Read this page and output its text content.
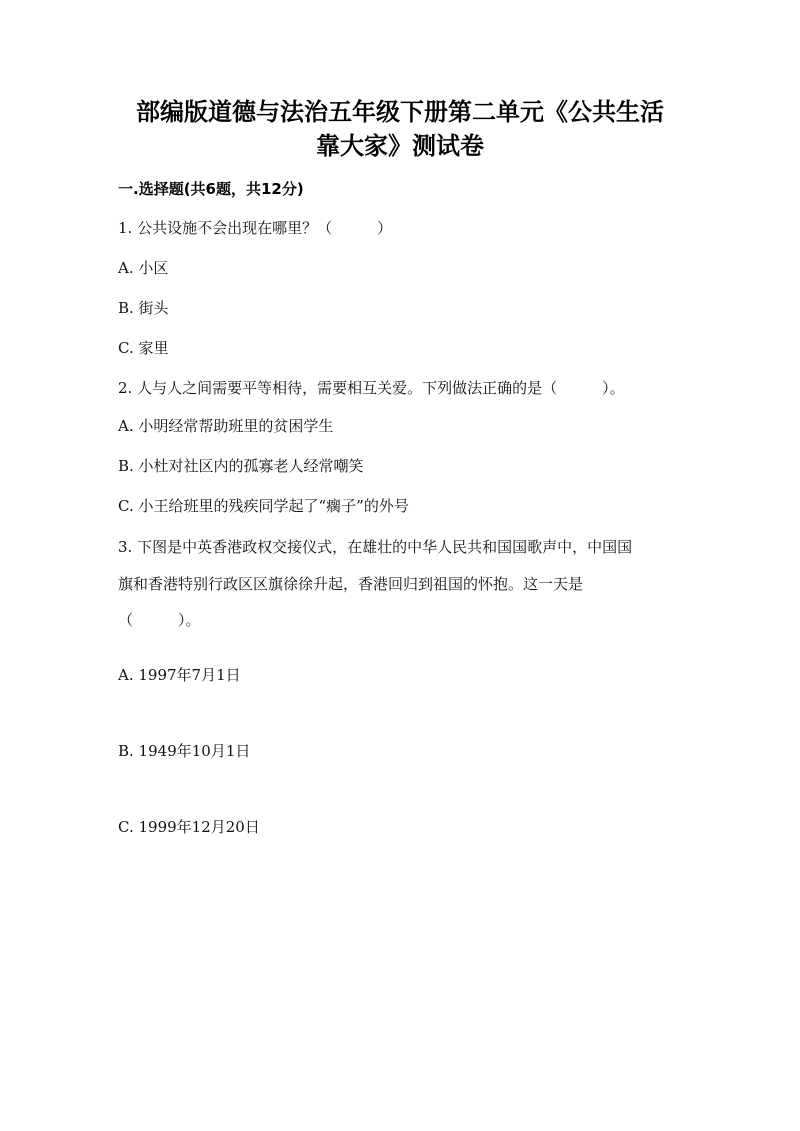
部编版道德与法治五年级下册第二单元《公共生活
靠大家》测试卷
一.选择题(共6题，共12分)
1. 公共设施不会出现在哪里？（　　　）
A. 小区
B. 街头
C. 家里
2. 人与人之间需要平等相待，需要相互关爱。下列做法正确的是（　　　）。
A. 小明经常帮助班里的贫困学生
B. 小杜对社区内的孤寡老人经常嘲笑
C. 小王给班里的残疾同学起了“瘸子”的外号
3. 下图是中英香港政权交接仪式，在雄壮的中华人民共和国国歌声中，中国国
旗和香港特别行政区区旗徐徐升起，香港回归到祖国的怀抱。这一天是
（　　　）。
A. 1997年7月1日
B. 1949年10月1日
C. 1999年12月20日
